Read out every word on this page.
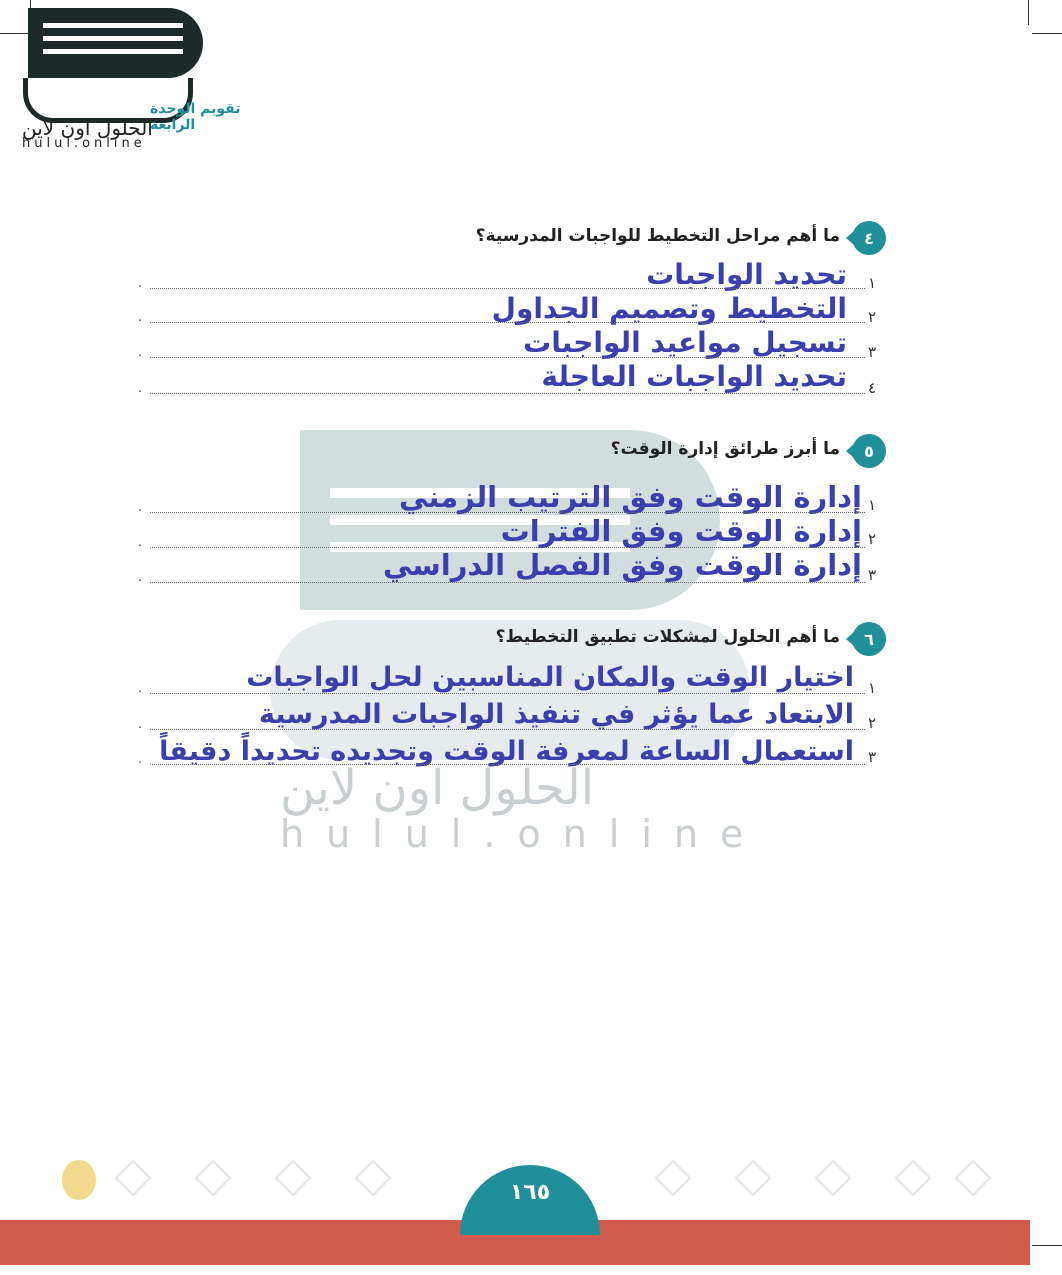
الحلول اون لاين
hulul.online
الحلول اون لاين
hulul.online
تقويم الوحدة الرابعة
٤
ما أهم مراحل التخطيط للواجبات المدرسية؟
تحديد الواجبات ١
.
التخطيط وتصميم الجداول ٢
.
تسجيل مواعيد الواجبات ٣
.
تحديد الواجبات العاجلة ٤
.
٥
ما أبرز طرائق إدارة الوقت؟
إدارة الوقت وفق الترتيب الزمني ١
.
إدارة الوقت وفق الفترات ٢
.
إدارة الوقت وفق الفصل الدراسي ٣
.
٦
ما أهم الحلول لمشكلات تطبيق التخطيط؟
اختيار الوقت والمكان المناسبين لحل الواجبات ١
.
الابتعاد عما يؤثر في تنفيذ الواجبات المدرسية ٢
.
استعمال الساعة لمعرفة الوقت وتجديده تحديداً دقيقاً ٣
.
١٦٥
